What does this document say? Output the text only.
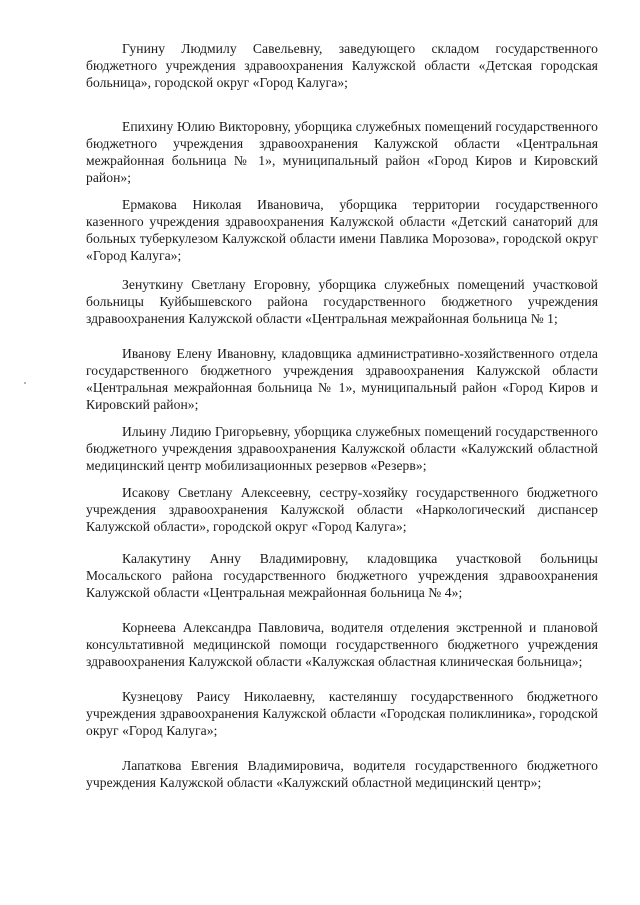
Гунину Людмилу Савельевну, заведующего складом государственного бюджетного учреждения здравоохранения Калужской области «Детская городская больница», городской округ «Город Калуга»;

Епихину Юлию Викторовну, уборщика служебных помещений государственного бюджетного учреждения здравоохранения Калужской области «Центральная межрайонная больница № 1», муниципальный район «Город Киров и Кировский район»;

Ермакова Николая Ивановича, уборщика территории государственного казенного учреждения здравоохранения Калужской области «Детский санаторий для больных туберкулезом Калужской области имени Павлика Морозова», городской округ «Город Калуга»;

Зенуткину Светлану Егоровну, уборщика служебных помещений участковой больницы Куйбышевского района государственного бюджетного учреждения здравоохранения Калужской области «Центральная межрайонная больница № 1;

Иванову Елену Ивановну, кладовщика административно-хозяйственного отдела государственного бюджетного учреждения здравоохранения Калужской области «Центральная межрайонная больница № 1», муниципальный район «Город Киров и Кировский район»;

Ильину Лидию Григорьевну, уборщика служебных помещений государственного бюджетного учреждения здравоохранения Калужской области «Калужский областной медицинский центр мобилизационных резервов «Резерв»;

Исакову Светлану Алексеевну, сестру-хозяйку государственного бюджетного учреждения здравоохранения Калужской области «Наркологический диспансер Калужской области», городской округ «Город Калуга»;

Калакутину Анну Владимировну, кладовщика участковой больницы Мосальского района государственного бюджетного учреждения здравоохранения Калужской области «Центральная межрайонная больница № 4»;

Корнеева Александра Павловича, водителя отделения экстренной и плановой консультативной медицинской помощи государственного бюджетного учреждения здравоохранения Калужской области «Калужская областная клиническая больница»;

Кузнецову Раису Николаевну, кастеляншу государственного бюджетного учреждения здравоохранения Калужской области «Городская поликлиника», городской округ «Город Калуга»;

Лапаткова Евгения Владимировича, водителя государственного бюджетного учреждения Калужской области «Калужский областной медицинский центр»;
